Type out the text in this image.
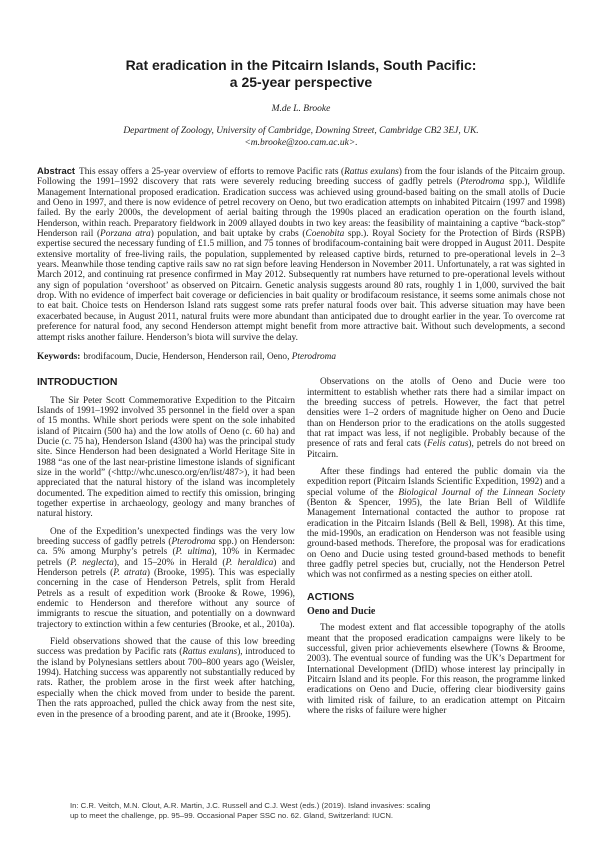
Rat eradication in the Pitcairn Islands, South Pacific:
a 25-year perspective
M.de L. Brooke
Department of Zoology, University of Cambridge, Downing Street, Cambridge CB2 3EJ, UK.
<m.brooke@zoo.cam.ac.uk>.
Abstract This essay offers a 25-year overview of efforts to remove Pacific rats (Rattus exulans) from the four islands of the Pitcairn group. Following the 1991–1992 discovery that rats were severely reducing breeding success of gadfly petrels (Pterodroma spp.), Wildlife Management International proposed eradication. Eradication success was achieved using ground-based baiting on the small atolls of Ducie and Oeno in 1997, and there is now evidence of petrel recovery on Oeno, but two eradication attempts on inhabited Pitcairn (1997 and 1998) failed. By the early 2000s, the development of aerial baiting through the 1990s placed an eradication operation on the fourth island, Henderson, within reach. Preparatory fieldwork in 2009 allayed doubts in two key areas: the feasibility of maintaining a captive “back-stop” Henderson rail (Porzana atra) population, and bait uptake by crabs (Coenobita spp.). Royal Society for the Protection of Birds (RSPB) expertise secured the necessary funding of £1.5 million, and 75 tonnes of brodifacoum-containing bait were dropped in August 2011. Despite extensive mortality of free-living rails, the population, supplemented by released captive birds, returned to pre-operational levels in 2–3 years. Meanwhile those tending captive rails saw no rat sign before leaving Henderson in November 2011. Unfortunately, a rat was sighted in March 2012, and continuing rat presence confirmed in May 2012. Subsequently rat numbers have returned to pre-operational levels without any sign of population ‘overshoot’ as observed on Pitcairn. Genetic analysis suggests around 80 rats, roughly 1 in 1,000, survived the bait drop. With no evidence of imperfect bait coverage or deficiencies in bait quality or brodifacoum resistance, it seems some animals chose not to eat bait. Choice tests on Henderson Island rats suggest some rats prefer natural foods over bait. This adverse situation may have been exacerbated because, in August 2011, natural fruits were more abundant than anticipated due to drought earlier in the year. To overcome rat preference for natural food, any second Henderson attempt might benefit from more attractive bait. Without such developments, a second attempt risks another failure. Henderson’s biota will survive the delay.
Keywords: brodifacoum, Ducie, Henderson, Henderson rail, Oeno, Pterodroma
INTRODUCTION

The Sir Peter Scott Commemorative Expedition to the Pitcairn Islands of 1991–1992 involved 35 personnel in the field over a span of 15 months. While short periods were spent on the sole inhabited island of Pitcairn (500 ha) and the low atolls of Oeno (c. 60 ha) and Ducie (c. 75 ha), Henderson Island (4300 ha) was the principal study site. Since Henderson had been designated a World Heritage Site in 1988 “as one of the last near-pristine limestone islands of significant size in the world” (<http://whc.unesco.org/en/list/487>), it had been appreciated that the natural history of the island was incompletely documented. The expedition aimed to rectify this omission, bringing together expertise in archaeology, geology and many branches of natural history.

One of the Expedition’s unexpected findings was the very low breeding success of gadfly petrels (Pterodroma spp.) on Henderson: ca. 5% among Murphy’s petrels (P. ultima), 10% in Kermadec petrels (P. neglecta), and 15–20% in Herald (P. heraldica) and Henderson petrels (P. atrata) (Brooke, 1995). This was especially concerning in the case of Henderson Petrels, split from Herald Petrels as a result of expedition work (Brooke & Rowe, 1996), endemic to Henderson and therefore without any source of immigrants to rescue the situation, and potentially on a downward trajectory to extinction within a few centuries (Brooke, et al., 2010a).

Field observations showed that the cause of this low breeding success was predation by Pacific rats (Rattus exulans), introduced to the island by Polynesians settlers about 700–800 years ago (Weisler, 1994). Hatching success was apparently not substantially reduced by rats. Rather, the problem arose in the first week after hatching, especially when the chick moved from under to beside the parent. Then the rats approached, pulled the chick away from the nest site, even in the presence of a brooding parent, and ate it (Brooke, 1995).

Observations on the atolls of Oeno and Ducie were too intermittent to establish whether rats there had a similar impact on the breeding success of petrels. However, the fact that petrel densities were 1–2 orders of magnitude higher on Oeno and Ducie than on Henderson prior to the eradications on the atolls suggested that rat impact was less, if not negligible. Probably because of the presence of rats and feral cats (Felis catus), petrels do not breed on Pitcairn.

After these findings had entered the public domain via the expedition report (Pitcairn Islands Scientific Expedition, 1992) and a special volume of the Biological Journal of the Linnean Society (Benton & Spencer, 1995), the late Brian Bell of Wildlife Management International contacted the author to propose rat eradication in the Pitcairn Islands (Bell & Bell, 1998). At this time, the mid-1990s, an eradication on Henderson was not feasible using ground-based methods. Therefore, the proposal was for eradications on Oeno and Ducie using tested ground-based methods to benefit three gadfly petrel species but, crucially, not the Henderson Petrel which was not confirmed as a nesting species on either atoll.

ACTIONS
Oeno and Ducie

The modest extent and flat accessible topography of the atolls meant that the proposed eradication campaigns were likely to be successful, given prior achievements elsewhere (Towns & Broome, 2003). The eventual source of funding was the UK’s Department for International Development (DfID) whose interest lay principally in Pitcairn Island and its people. For this reason, the programme linked eradications on Oeno and Ducie, offering clear biodiversity gains with limited risk of failure, to an eradication attempt on Pitcairn where the risks of failure were higher

In: C.R. Veitch, M.N. Clout, A.R. Martin, J.C. Russell and C.J. West (eds.) (2019). Island invasives: scaling
up to meet the challenge, pp. 95–99. Occasional Paper SSC no. 62. Gland, Switzerland: IUCN.
